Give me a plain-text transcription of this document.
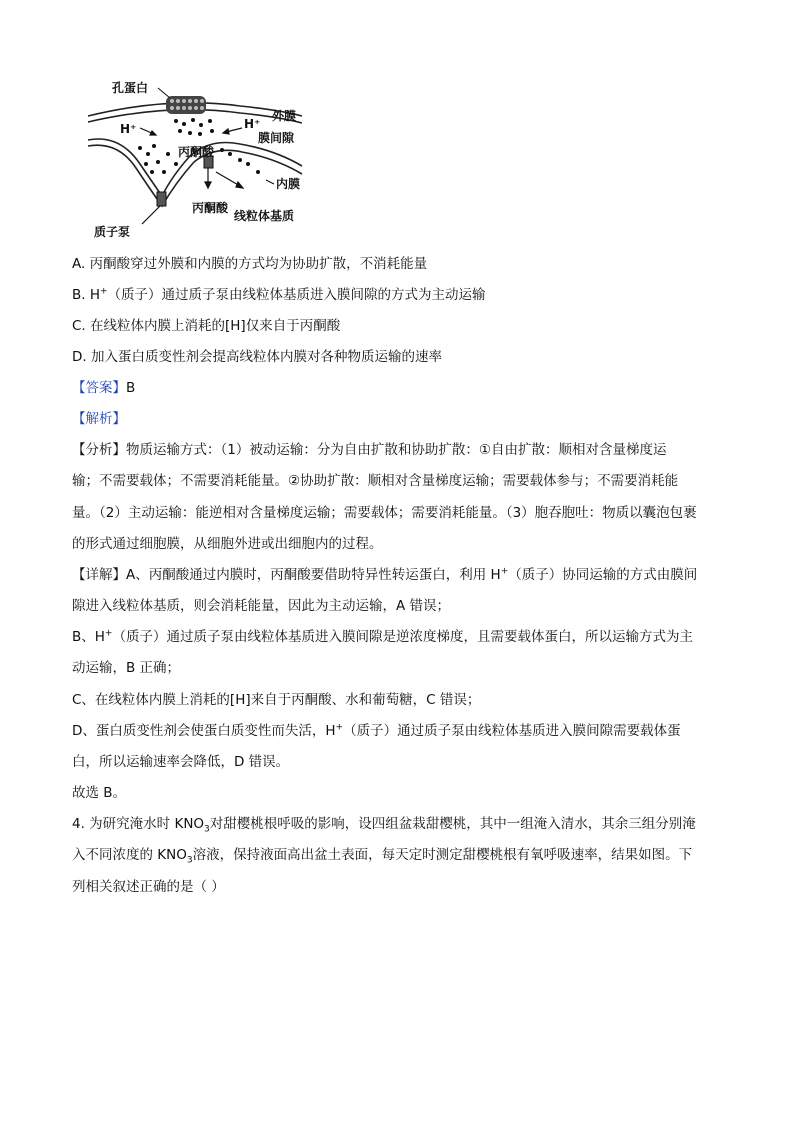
孔蛋白
外膜
H⁺	H⁺
膜间隙
丙酮酸
内膜
丙酮酸
线粒体基质
质子泵
A. 丙酮酸穿过外膜和内膜的方式均为协助扩散，不消耗能量
B. H+（质子）通过质子泵由线粒体基质进入膜间隙的方式为主动运输
C. 在线粒体内膜上消耗的[H]仅来自于丙酮酸
D. 加入蛋白质变性剂会提高线粒体内膜对各种物质运输的速率
【答案】B
【解析】
【分析】物质运输方式：（1）被动运输：分为自由扩散和协助扩散：①自由扩散：顺相对含量梯度运
输；不需要载体；不需要消耗能量。②协助扩散：顺相对含量梯度运输；需要载体参与；不需要消耗能
量。（2）主动运输：能逆相对含量梯度运输；需要载体；需要消耗能量。（3）胞吞胞吐：物质以囊泡包裹
的形式通过细胞膜，从细胞外进或出细胞内的过程。
【详解】A、丙酮酸通过内膜时，丙酮酸要借助特异性转运蛋白，利用 H+（质子）协同运输的方式由膜间
隙进入线粒体基质，则会消耗能量，因此为主动运输，A 错误；
B、H+（质子）通过质子泵由线粒体基质进入膜间隙是逆浓度梯度，且需要载体蛋白，所以运输方式为主
动运输，B 正确；
C、在线粒体内膜上消耗的[H]来自于丙酮酸、水和葡萄糖，C 错误；
D、蛋白质变性剂会使蛋白质变性而失活，H+（质子）通过质子泵由线粒体基质进入膜间隙需要载体蛋
白，所以运输速率会降低，D 错误。
故选 B。
4. 为研究淹水时 $KNO_3$对甜樱桃根呼吸的影响，设四组盆栽甜樱桃，其中一组淹入清水，其余三组分别淹
入不同浓度的 $KNO_3$溶液，保持液面高出盆土表面，每天定时测定甜樱桃根有氧呼吸速率，结果如图。下
列相关叙述正确的是（ ）
